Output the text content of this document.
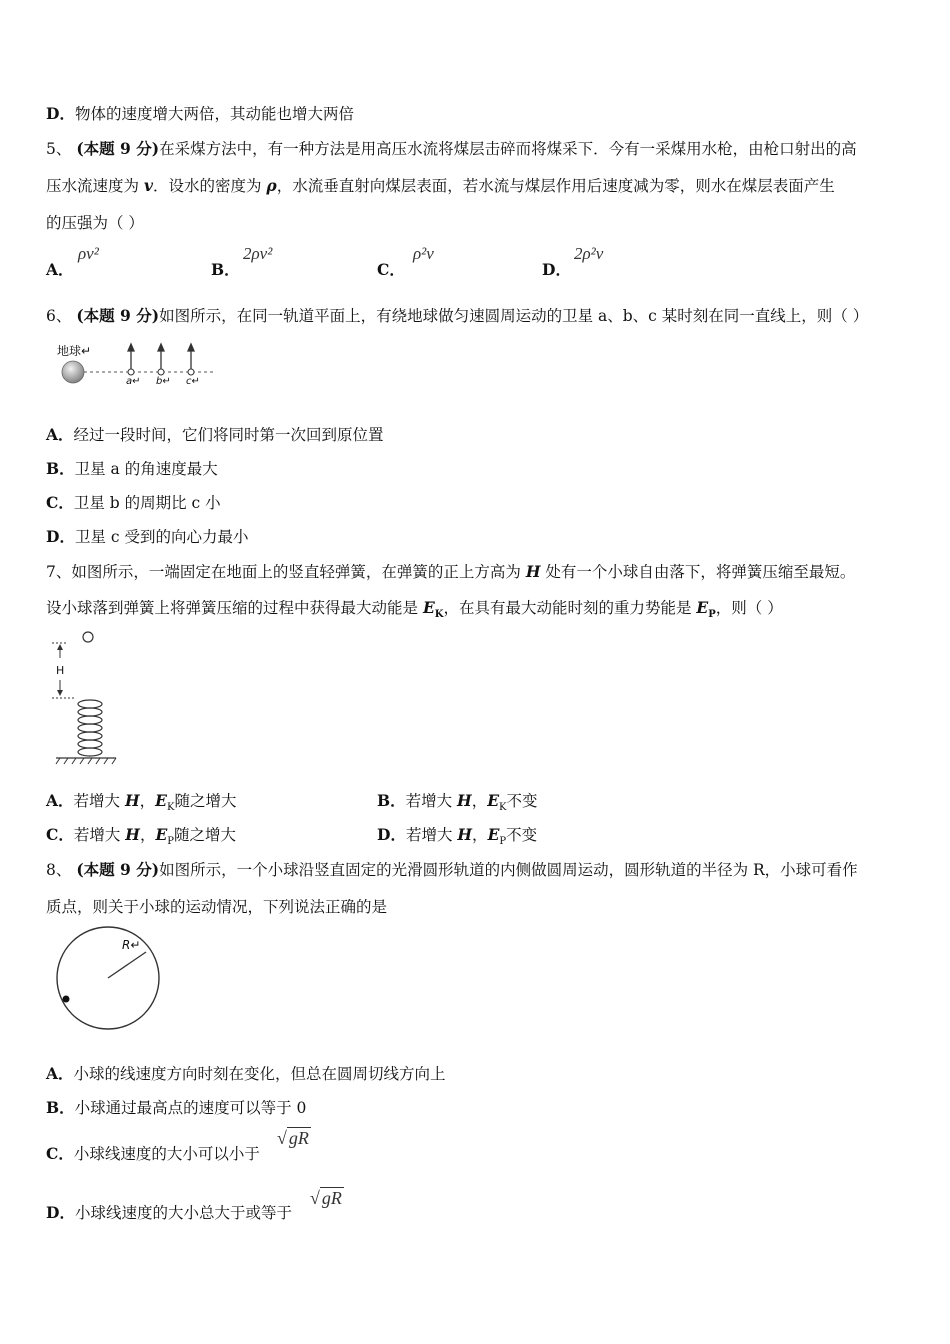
D．物体的速度增大两倍，其动能也增大两倍
5、 (本题 9 分)在采煤方法中，有一种方法是用高压水流将煤层击碎而将煤采下．今有一采煤用水枪，由枪口射出的高
压水流速度为 v．设水的密度为 ρ，水流垂直射向煤层表面，若水流与煤层作用后速度减为零，则水在煤层表面产生
的压强为（ ）
A．
ρv²
B．
2ρv²
C．
ρ²v
D．
2ρ²v
6、 (本题 9 分)如图所示，在同一轨道平面上，有绕地球做匀速圆周运动的卫星 a、b、c 某时刻在同一直线上，则（ ）
地球↵
a↵ b↵ c↵
A．经过一段时间，它们将同时第一次回到原位置
B．卫星 a 的角速度最大
C．卫星 b 的周期比 c 小
D．卫星 c 受到的向心力最小
7、如图所示，一端固定在地面上的竖直轻弹簧，在弹簧的正上方高为 H 处有一个小球自由落下，将弹簧压缩至最短。
设小球落到弹簧上将弹簧压缩的过程中获得最大动能是 $E_K$，在具有最大动能时刻的重力势能是 $E_P$，则（ ）
H
A．若增大 H，$E_K$随之增大	B．若增大 H，$E_K$不变
C．若增大 H，$E_P$随之增大	D．若增大 H，$E_P$不变
8、 (本题 9 分)如图所示，一个小球沿竖直固定的光滑圆形轨道的内侧做圆周运动，圆形轨道的半径为 R，小球可看作
质点，则关于小球的运动情况，下列说法正确的是
R↵
A．小球的线速度方向时刻在变化，但总在圆周切线方向上
B．小球通过最高点的速度可以等于 0
C．小球线速度的大小可以小于
√ gR
D．小球线速度的大小总大于或等于
√ gR
